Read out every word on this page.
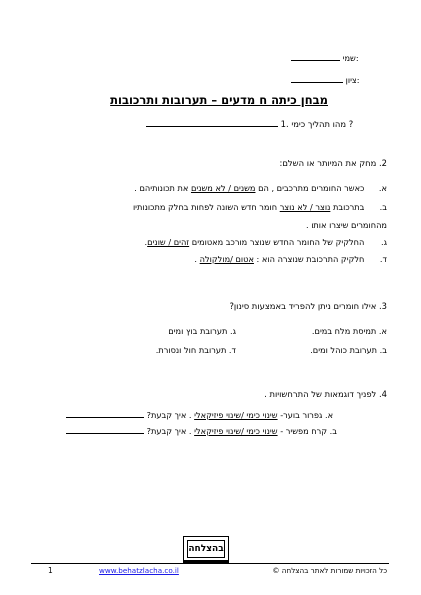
שמי:
ציון:
מבחן כיתה ח מדעים – תערובות ותרכובות
1. מהו תהליך כימי ?
2. מחק את המיותר או השלם:
א. כאשר החומרים מתרכבים , הם משנים / לא משנים את תכונותיהם .
ב. בתרכובת נוצר / לא נוצר חומר חדש השונה לפחות בחלק מתכונותיו
מהחומרים שיצרו אותו .
ג. החלקיק של החומר החדש שנוצר מורכב מאטומים זהים / שונים.
ד. חלקיק התרכובת שנוצרה הוא : אטום /מולקולה .
3. אילו חומרים ניתן להפריד באמצעות סינון?
א. תמיסת מלח במים.
ג. תערובת בוץ ומים
ב. תערובת כוהל ומים.
ד. תערובת חול ונסורת.
4. לפניך דוגמאות של התרחשויות .
א. גפרור בוער- שינוי כימי /שינוי פיזיקאלי . איך קבעת?
ב. קרח מפשיר - שינוי כימי /שינוי פיזיקאלי . איך קבעת?
בהצלחה
1	www.behatzlacha.co.il	כל הזכויות שמורות לאתר בהצלחה ©
